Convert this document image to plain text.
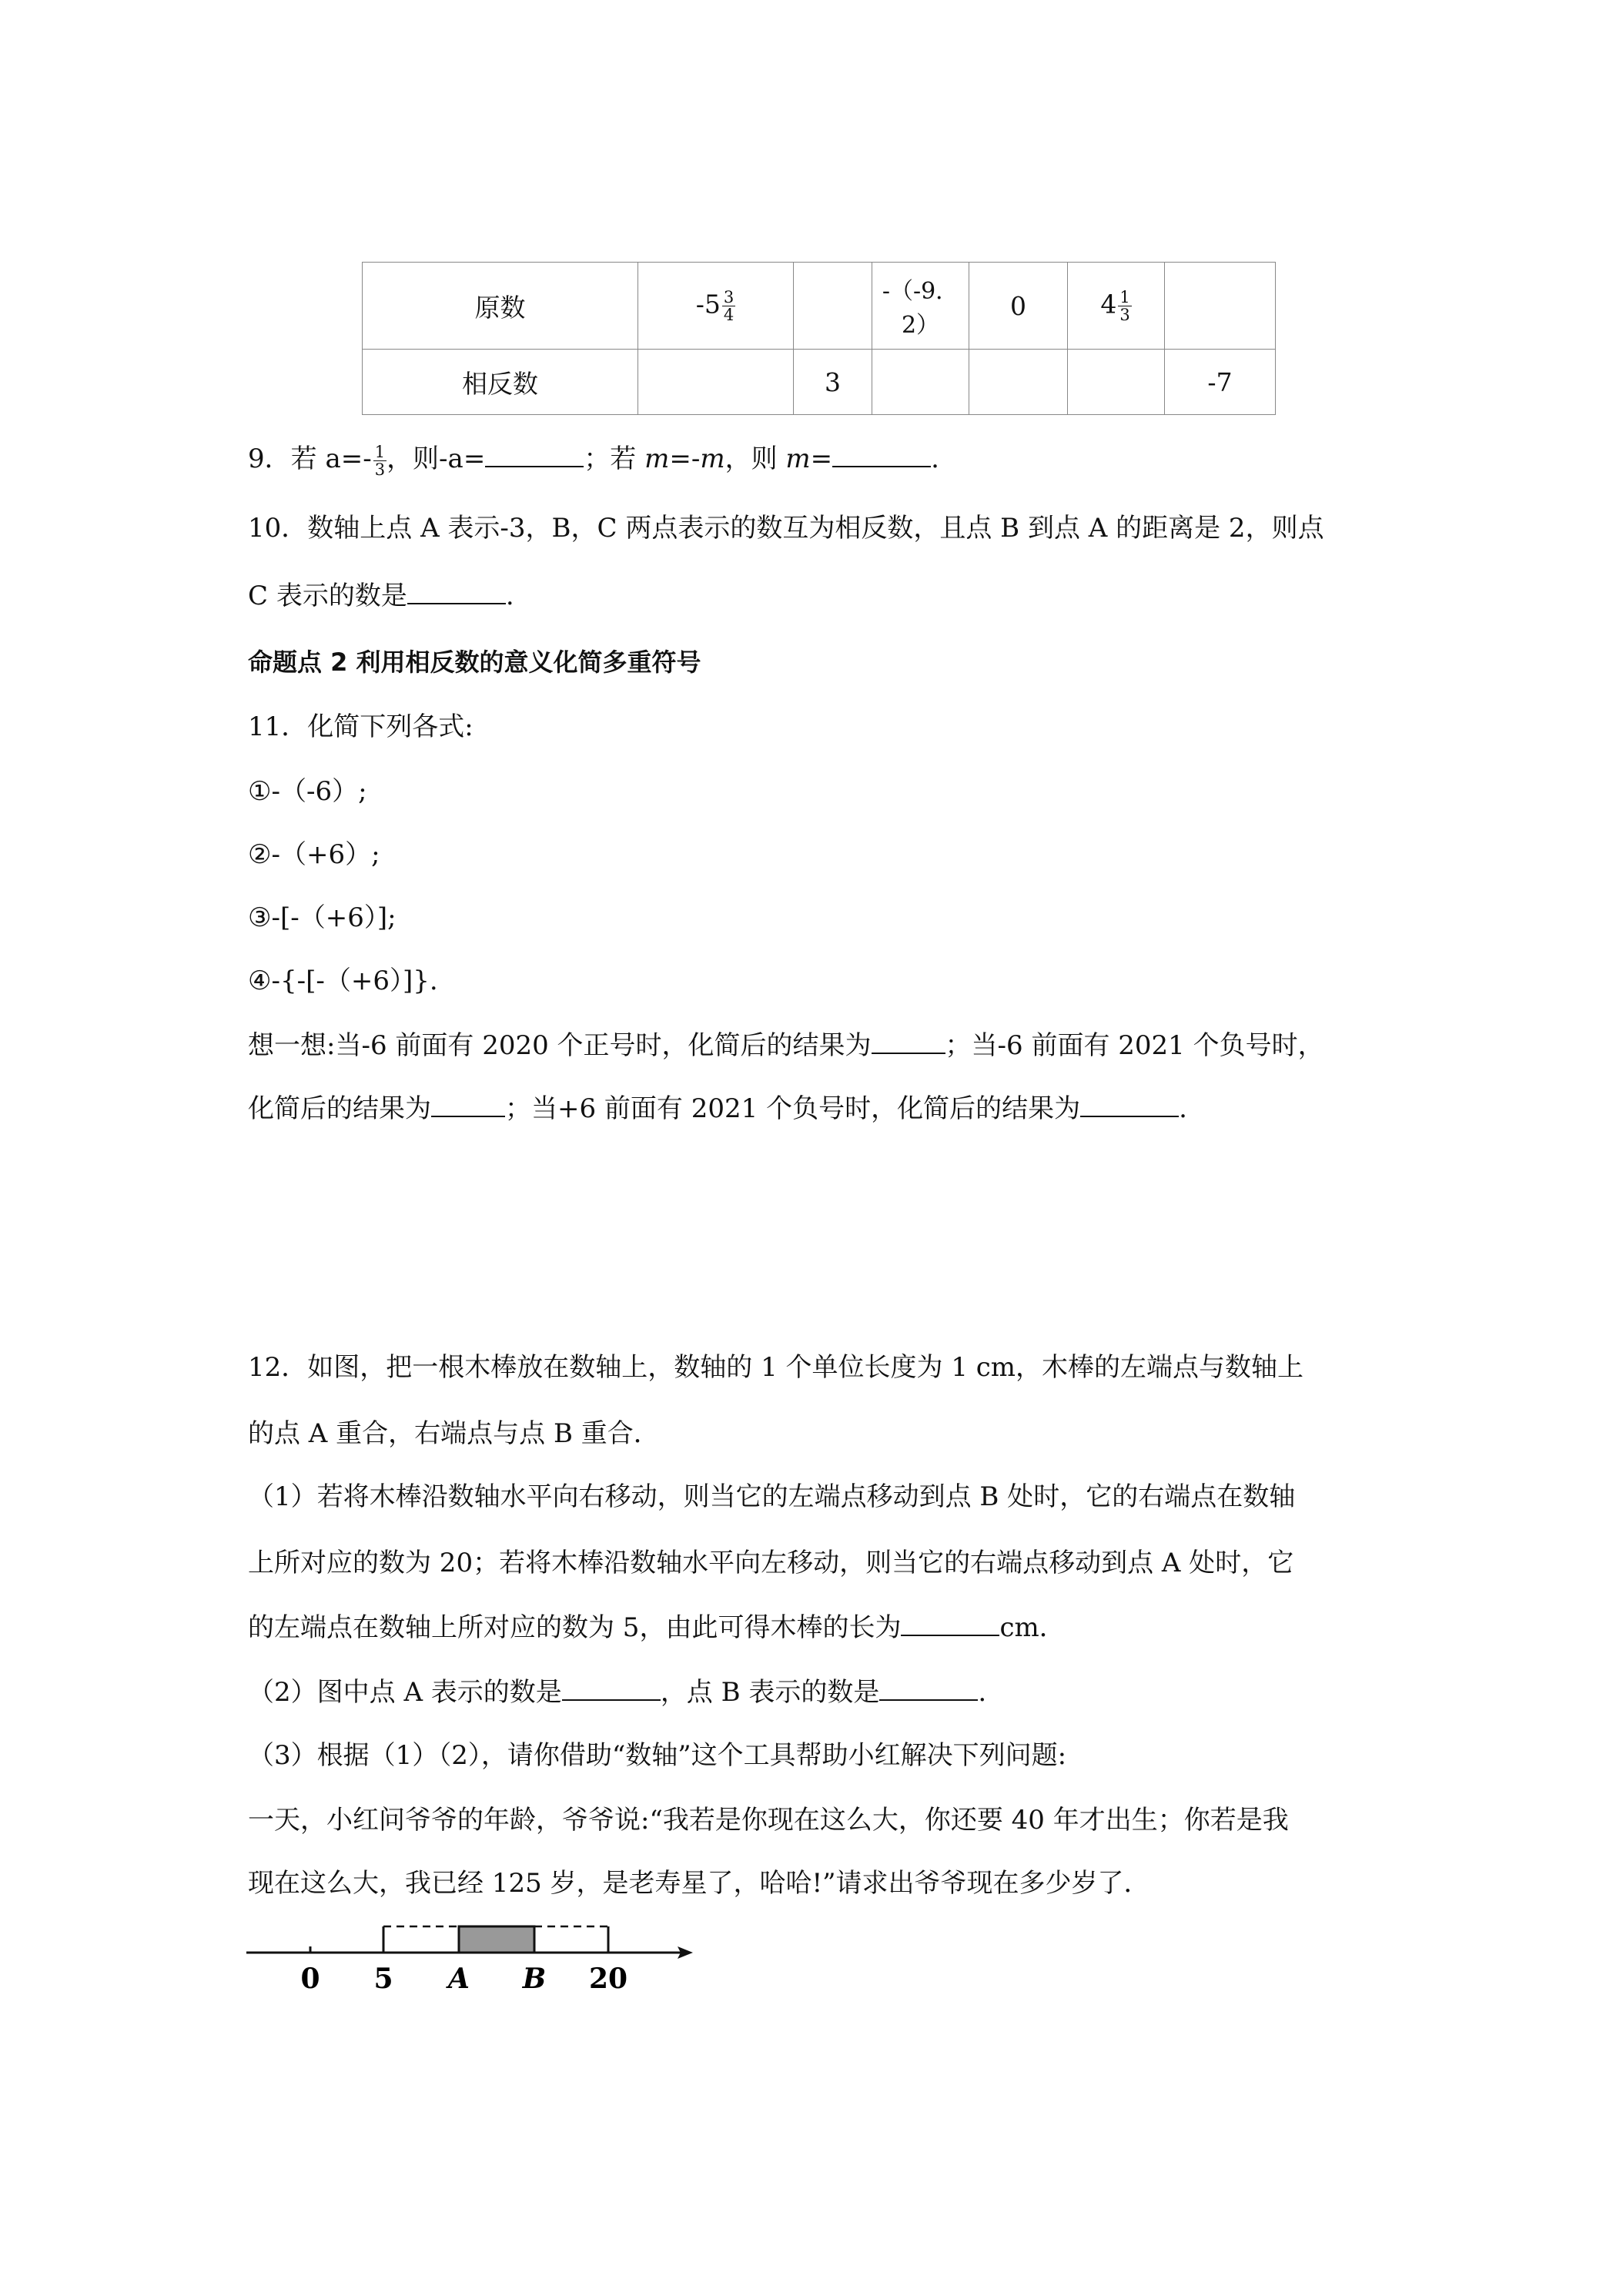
原数	$-5 \frac{3}{4}$		-（-9．2）	0	$4 \frac{1}{3}$

相反数		3				-7
9．若 $a=- \frac{1}{3}$ ，则-a=	；若 m=-m，则 m=	.
10．数轴上点 A 表示-3，B，C 两点表示的数互为相反数，且点 B 到点 A 的距离是 2，则点
C 表示的数是	.
命题点 2 利用相反数的意义化简多重符号
11．化简下列各式:
①-（-6）;
②-（+6）;
③-[-（+6）];
④-{-[-（+6）]}.
想一想:当-6 前面有 2020 个正号时，化简后的结果为	；当-6 前面有 2021 个负号时，
化简后的结果为	；当+6 前面有 2021 个负号时，化简后的结果为	.
12．如图，把一根木棒放在数轴上，数轴的 1 个单位长度为 1 cm，木棒的左端点与数轴上
的点 A 重合，右端点与点 B 重合．
（1）若将木棒沿数轴水平向右移动，则当它的左端点移动到点 B 处时，它的右端点在数轴
上所对应的数为 20；若将木棒沿数轴水平向左移动，则当它的右端点移动到点 A 处时，它
的左端点在数轴上所对应的数为 5，由此可得木棒的长为	cm．
（2）图中点 A 表示的数是	，点 B 表示的数是	.
（3）根据（1）（2），请你借助“数轴”这个工具帮助小红解决下列问题:
一天，小红问爷爷的年龄，爷爷说:“我若是你现在这么大，你还要 40 年才出生；你若是我
现在这么大，我已经 125 岁，是老寿星了，哈哈!”请求出爷爷现在多少岁了．
0 5 A B 20
